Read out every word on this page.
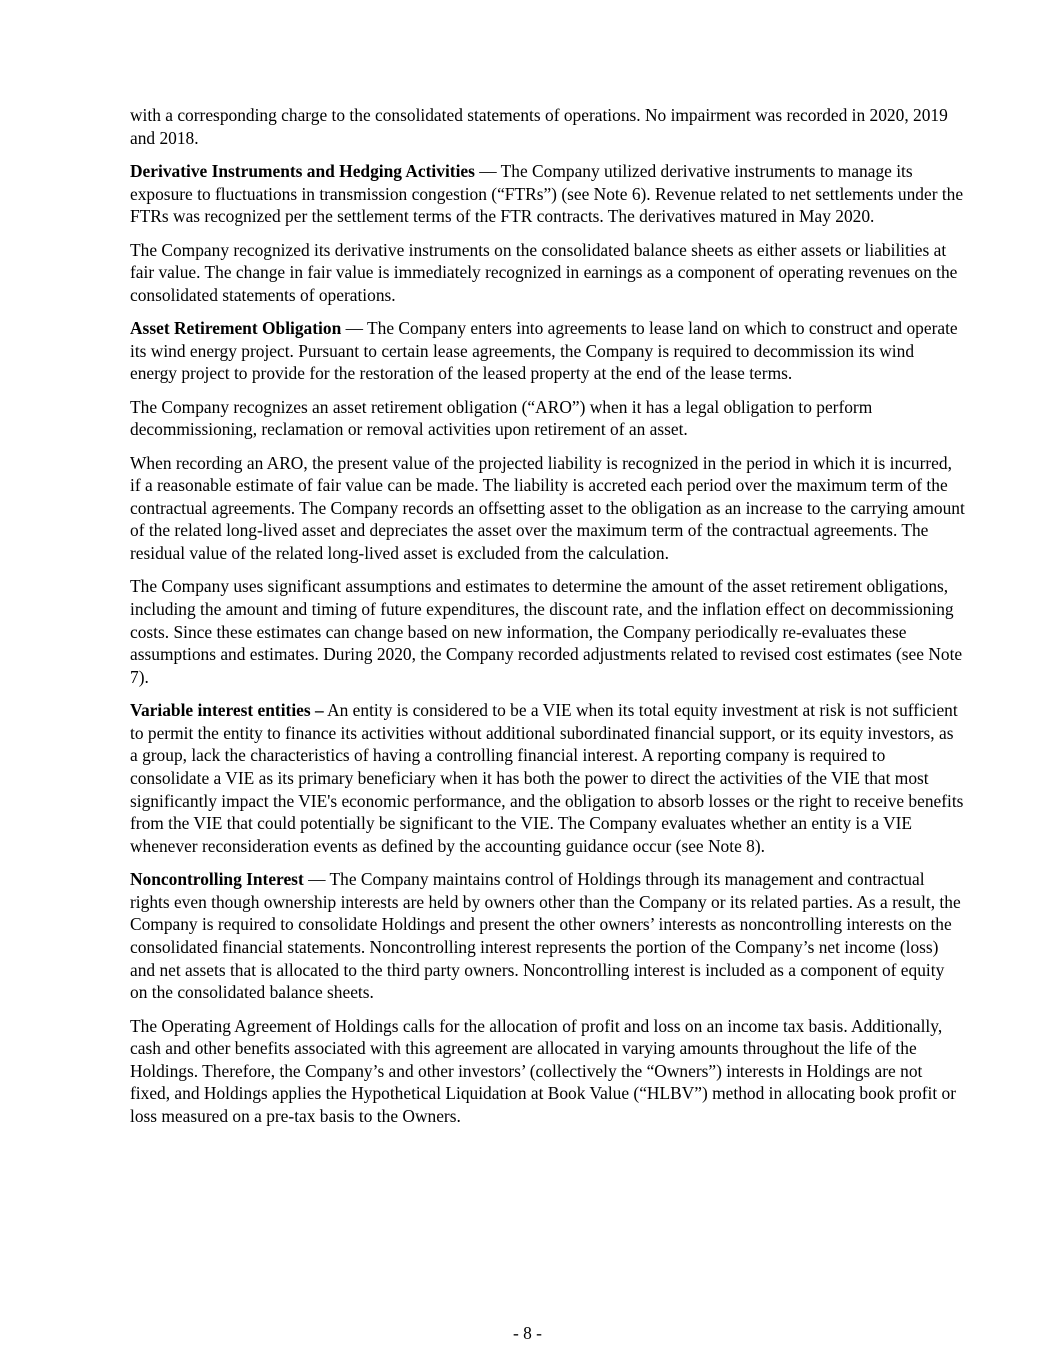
with a corresponding charge to the consolidated statements of operations. No impairment was recorded in 2020, 2019 and 2018.

Derivative Instruments and Hedging Activities — The Company utilized derivative instruments to manage its exposure to fluctuations in transmission congestion (“FTRs”) (see Note 6). Revenue related to net settlements under the FTRs was recognized per the settlement terms of the FTR contracts. The derivatives matured in May 2020.

The Company recognized its derivative instruments on the consolidated balance sheets as either assets or liabilities at fair value. The change in fair value is immediately recognized in earnings as a component of operating revenues on the consolidated statements of operations.

Asset Retirement Obligation — The Company enters into agreements to lease land on which to construct and operate its wind energy project. Pursuant to certain lease agreements, the Company is required to decommission its wind energy project to provide for the restoration of the leased property at the end of the lease terms.

The Company recognizes an asset retirement obligation (“ARO”) when it has a legal obligation to perform decommissioning, reclamation or removal activities upon retirement of an asset.

When recording an ARO, the present value of the projected liability is recognized in the period in which it is incurred, if a reasonable estimate of fair value can be made. The liability is accreted each period over the maximum term of the contractual agreements. The Company records an offsetting asset to the obligation as an increase to the carrying amount of the related long-lived asset and depreciates the asset over the maximum term of the contractual agreements. The residual value of the related long-lived asset is excluded from the calculation.

The Company uses significant assumptions and estimates to determine the amount of the asset retirement obligations, including the amount and timing of future expenditures, the discount rate, and the inflation effect on decommissioning costs. Since these estimates can change based on new information, the Company periodically re-evaluates these assumptions and estimates. During 2020, the Company recorded adjustments related to revised cost estimates (see Note 7).

Variable interest entities – An entity is considered to be a VIE when its total equity investment at risk is not sufficient to permit the entity to finance its activities without additional subordinated financial support, or its equity investors, as a group, lack the characteristics of having a controlling financial interest. A reporting company is required to consolidate a VIE as its primary beneficiary when it has both the power to direct the activities of the VIE that most significantly impact the VIE's economic performance, and the obligation to absorb losses or the right to receive benefits from the VIE that could potentially be significant to the VIE. The Company evaluates whether an entity is a VIE whenever reconsideration events as defined by the accounting guidance occur (see Note 8).

Noncontrolling Interest — The Company maintains control of Holdings through its management and contractual rights even though ownership interests are held by owners other than the Company or its related parties. As a result, the Company is required to consolidate Holdings and present the other owners’ interests as noncontrolling interests on the consolidated financial statements. Noncontrolling interest represents the portion of the Company’s net income (loss) and net assets that is allocated to the third party owners. Noncontrolling interest is included as a component of equity on the consolidated balance sheets.

The Operating Agreement of Holdings calls for the allocation of profit and loss on an income tax basis. Additionally, cash and other benefits associated with this agreement are allocated in varying amounts throughout the life of the Holdings. Therefore, the Company’s and other investors’ (collectively the “Owners”) interests in Holdings are not fixed, and Holdings applies the Hypothetical Liquidation at Book Value (“HLBV”) method in allocating book profit or loss measured on a pre-tax basis to the Owners.

- 8 -
